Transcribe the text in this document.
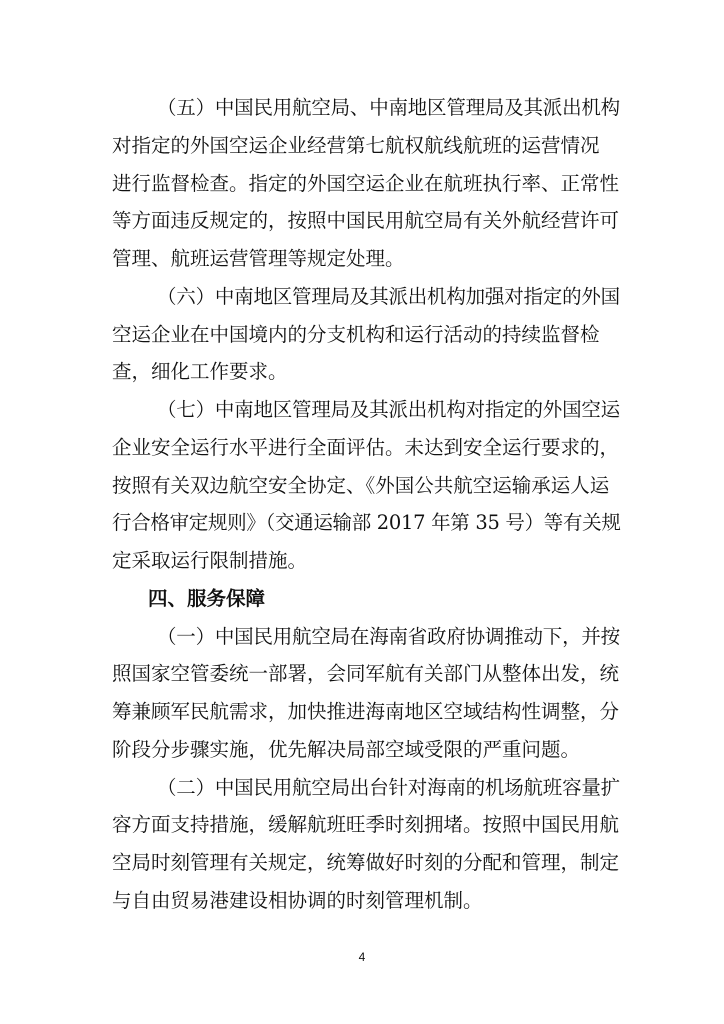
（五）中国民用航空局、中南地区管理局及其派出机构
对指定的外国空运企业经营第七航权航线航班的运营情况
进行监督检查。指定的外国空运企业在航班执行率、正常性
等方面违反规定的，按照中国民用航空局有关外航经营许可
管理、航班运营管理等规定处理。
（六）中南地区管理局及其派出机构加强对指定的外国
空运企业在中国境内的分支机构和运行活动的持续监督检
查，细化工作要求。
（七）中南地区管理局及其派出机构对指定的外国空运
企业安全运行水平进行全面评估。未达到安全运行要求的，
按照有关双边航空安全协定、《外国公共航空运输承运人运
行合格审定规则》（交通运输部 2017 年第 35 号）等有关规
定采取运行限制措施。
四、服务保障
（一）中国民用航空局在海南省政府协调推动下，并按
照国家空管委统一部署，会同军航有关部门从整体出发，统
筹兼顾军民航需求，加快推进海南地区空域结构性调整，分
阶段分步骤实施，优先解决局部空域受限的严重问题。
（二）中国民用航空局出台针对海南的机场航班容量扩
容方面支持措施，缓解航班旺季时刻拥堵。按照中国民用航
空局时刻管理有关规定，统筹做好时刻的分配和管理，制定
与自由贸易港建设相协调的时刻管理机制。
4
